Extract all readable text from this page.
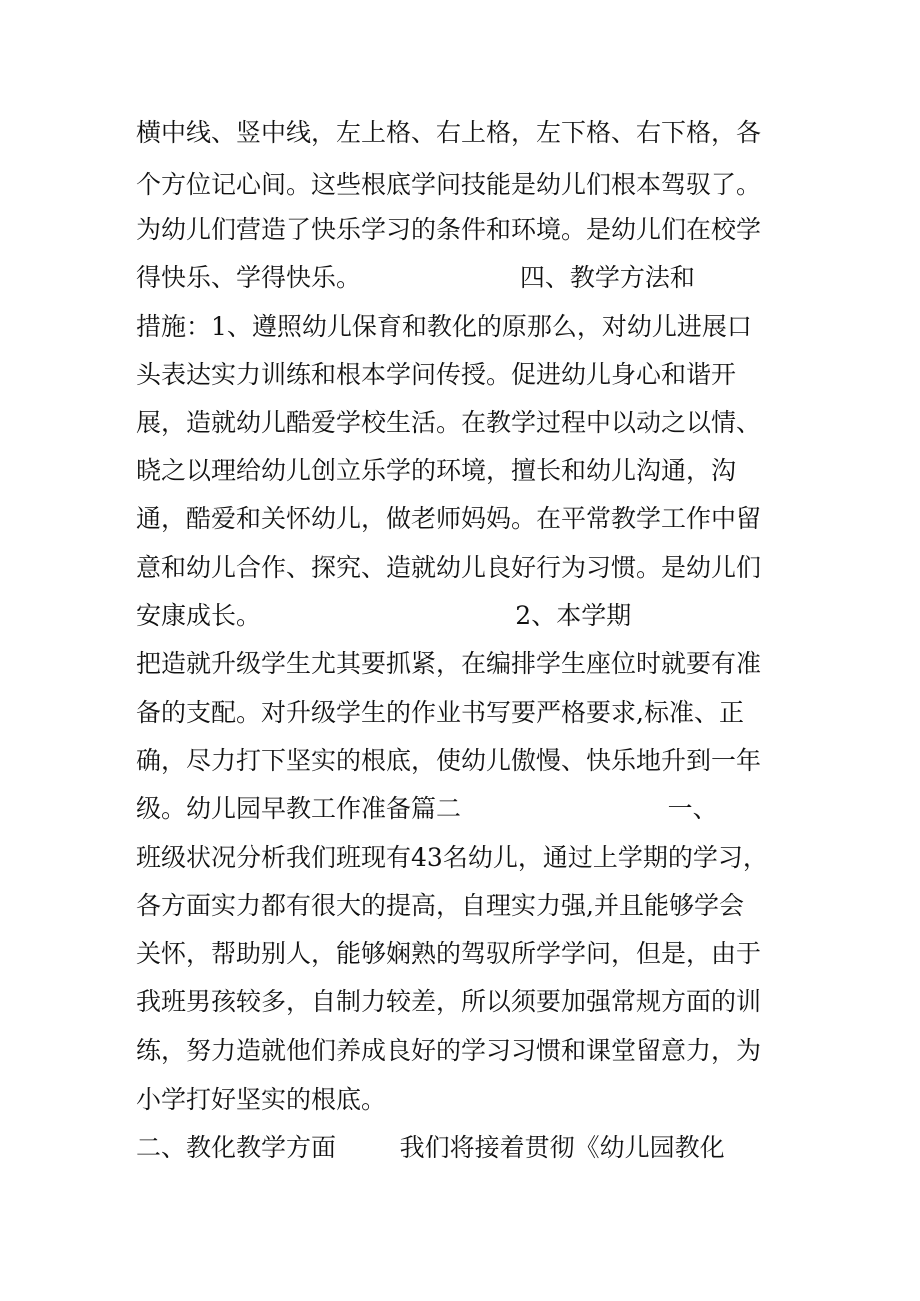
横中线、竖中线，左上格、右上格，左下格、右下格，各
个方位记心间。这些根底学问技能是幼儿们根本驾驭了。
为幼儿们营造了快乐学习的条件和环境。是幼儿们在校学
得快乐、学得快乐。                    四、教学方法和
措施：1、遵照幼儿保育和教化的原那么，对幼儿进展口
头表达实力训练和根本学问传授。促进幼儿身心和谐开
展，造就幼儿酷爱学校生活。在教学过程中以动之以情、
晓之以理给幼儿创立乐学的环境，擅长和幼儿沟通，沟
通，酷爱和关怀幼儿，做老师妈妈。在平常教学工作中留
意和幼儿合作、探究、造就幼儿良好行为习惯。是幼儿们
安康成长。                                2、本学期
把造就升级学生尤其要抓紧，在编排学生座位时就要有准
备的支配。对升级学生的作业书写要严格要求,标准、正
确，尽力打下坚实的根底，使幼儿傲慢、快乐地升到一年
级。幼儿园早教工作准备篇二                          一、
班级状况分析我们班现有43名幼儿，通过上学期的学习，
各方面实力都有很大的提高，自理实力强,并且能够学会
关怀，帮助别人，能够娴熟的驾驭所学学问，但是，由于
我班男孩较多，自制力较差，所以须要加强常规方面的训
练，努力造就他们养成良好的学习习惯和课堂留意力，为
小学打好坚实的根底。
二、教化教学方面        我们将接着贯彻《幼儿园教化
